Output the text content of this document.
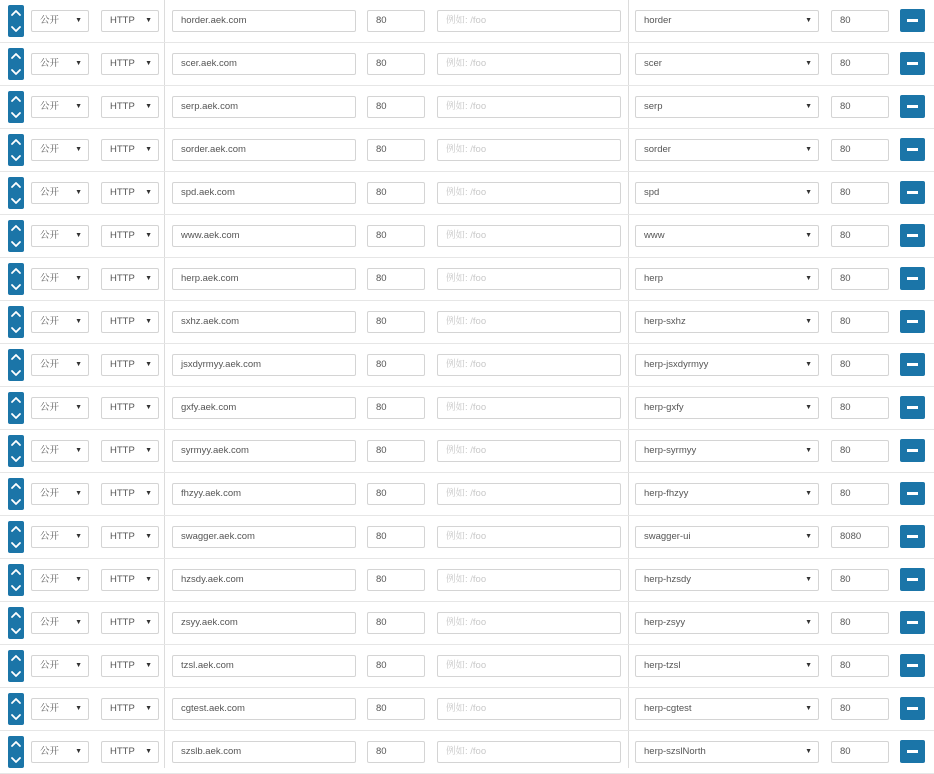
公开 ▼	HTTP ▼	horder.aek.com	80	例如: /foo	horder	▼	80
公开 ▼	HTTP ▼	scer.aek.com	80	例如: /foo	scer	▼	80
公开 ▼	HTTP ▼	serp.aek.com	80	例如: /foo	serp	▼	80
公开 ▼	HTTP ▼	sorder.aek.com	80	例如: /foo	sorder	▼	80
公开 ▼	HTTP ▼	spd.aek.com	80	例如: /foo	spd	▼	80
公开 ▼	HTTP ▼	www.aek.com	80	例如: /foo	www	▼	80
公开 ▼	HTTP ▼	herp.aek.com	80	例如: /foo	herp	▼	80
公开 ▼	HTTP ▼	sxhz.aek.com	80	例如: /foo	herp-sxhz	▼	80
公开 ▼	HTTP ▼	jsxdyrmyy.aek.com	80	例如: /foo	herp-jsxdyrmyy	▼	80
公开 ▼	HTTP ▼	gxfy.aek.com	80	例如: /foo	herp-gxfy	▼	80
公开 ▼	HTTP ▼	syrmyy.aek.com	80	例如: /foo	herp-syrmyy	▼	80
公开 ▼	HTTP ▼	fhzyy.aek.com	80	例如: /foo	herp-fhzyy	▼	80
公开 ▼	HTTP ▼	swagger.aek.com	80	例如: /foo	swagger-ui	▼	8080
公开 ▼	HTTP ▼	hzsdy.aek.com	80	例如: /foo	herp-hzsdy	▼	80
公开 ▼	HTTP ▼	zsyy.aek.com	80	例如: /foo	herp-zsyy	▼	80
公开 ▼	HTTP ▼	tzsl.aek.com	80	例如: /foo	herp-tzsl	▼	80
公开 ▼	HTTP ▼	cgtest.aek.com	80	例如: /foo	herp-cgtest	▼	80
公开 ▼	HTTP ▼	szslb.aek.com	80	例如: /foo	herp-szslNorth	▼	80
